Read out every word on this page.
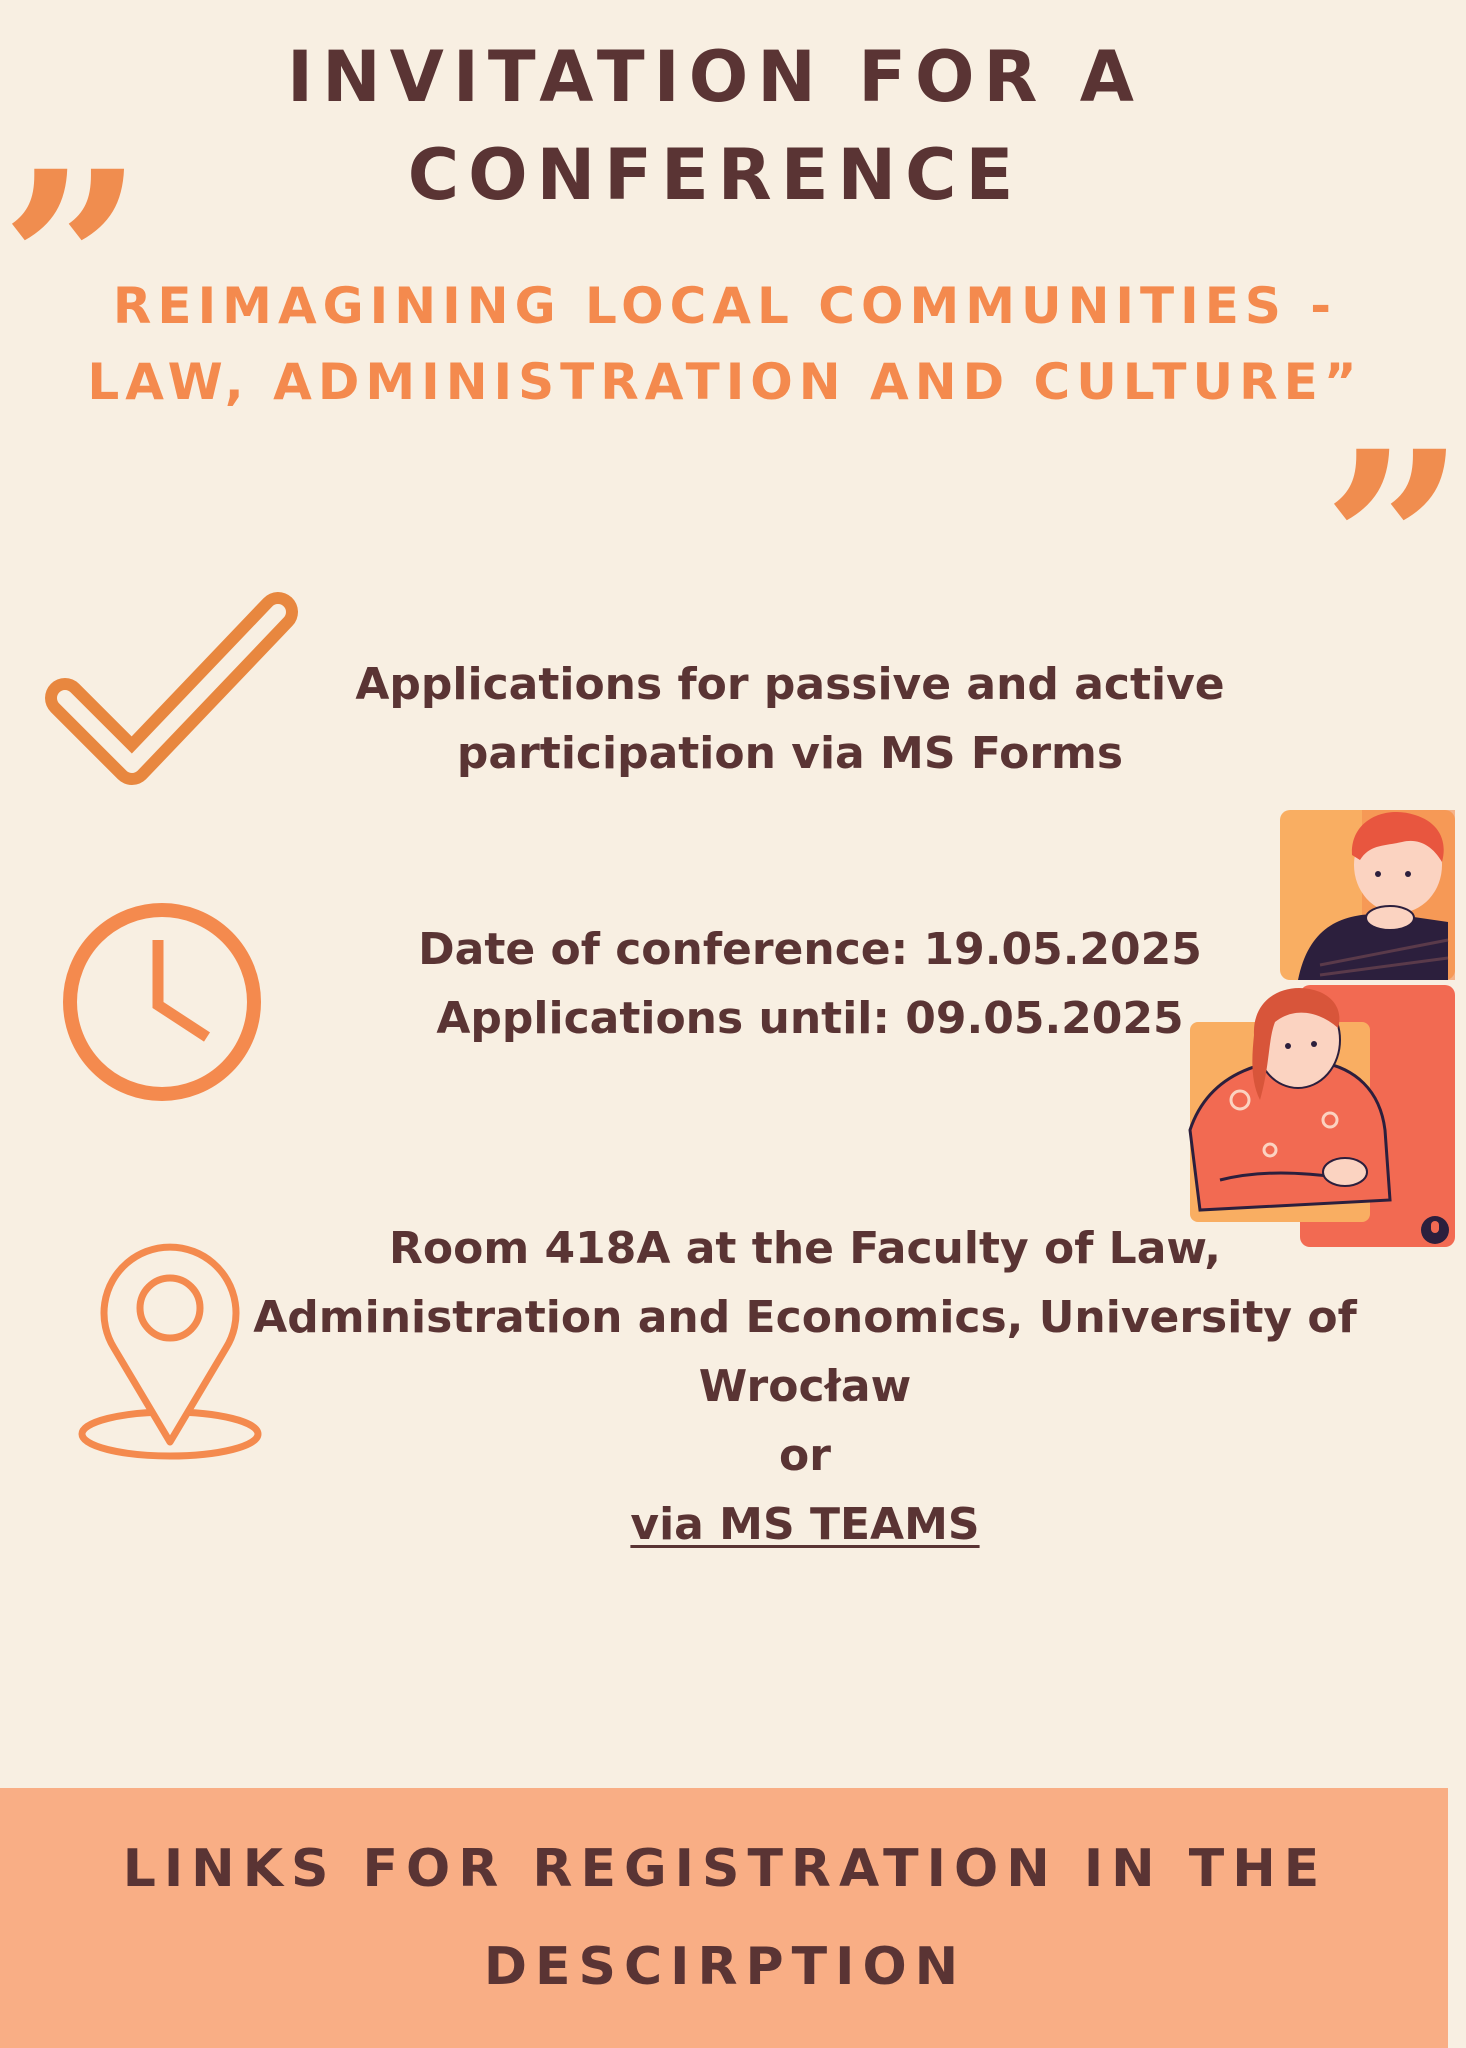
INVITATION FOR A CONFERENCE
”
REIMAGINING LOCAL COMMUNITIES - LAW, ADMINISTRATION AND CULTURE”
”
Applications for passive and active participation via MS Forms
Date of conference: 19.05.2025
Applications until: 09.05.2025
Room 418A at the Faculty of Law, Administration and Economics, University of Wrocław
or
via MS TEAMS
LINKS FOR REGISTRATION IN THE DESCIRPTION
